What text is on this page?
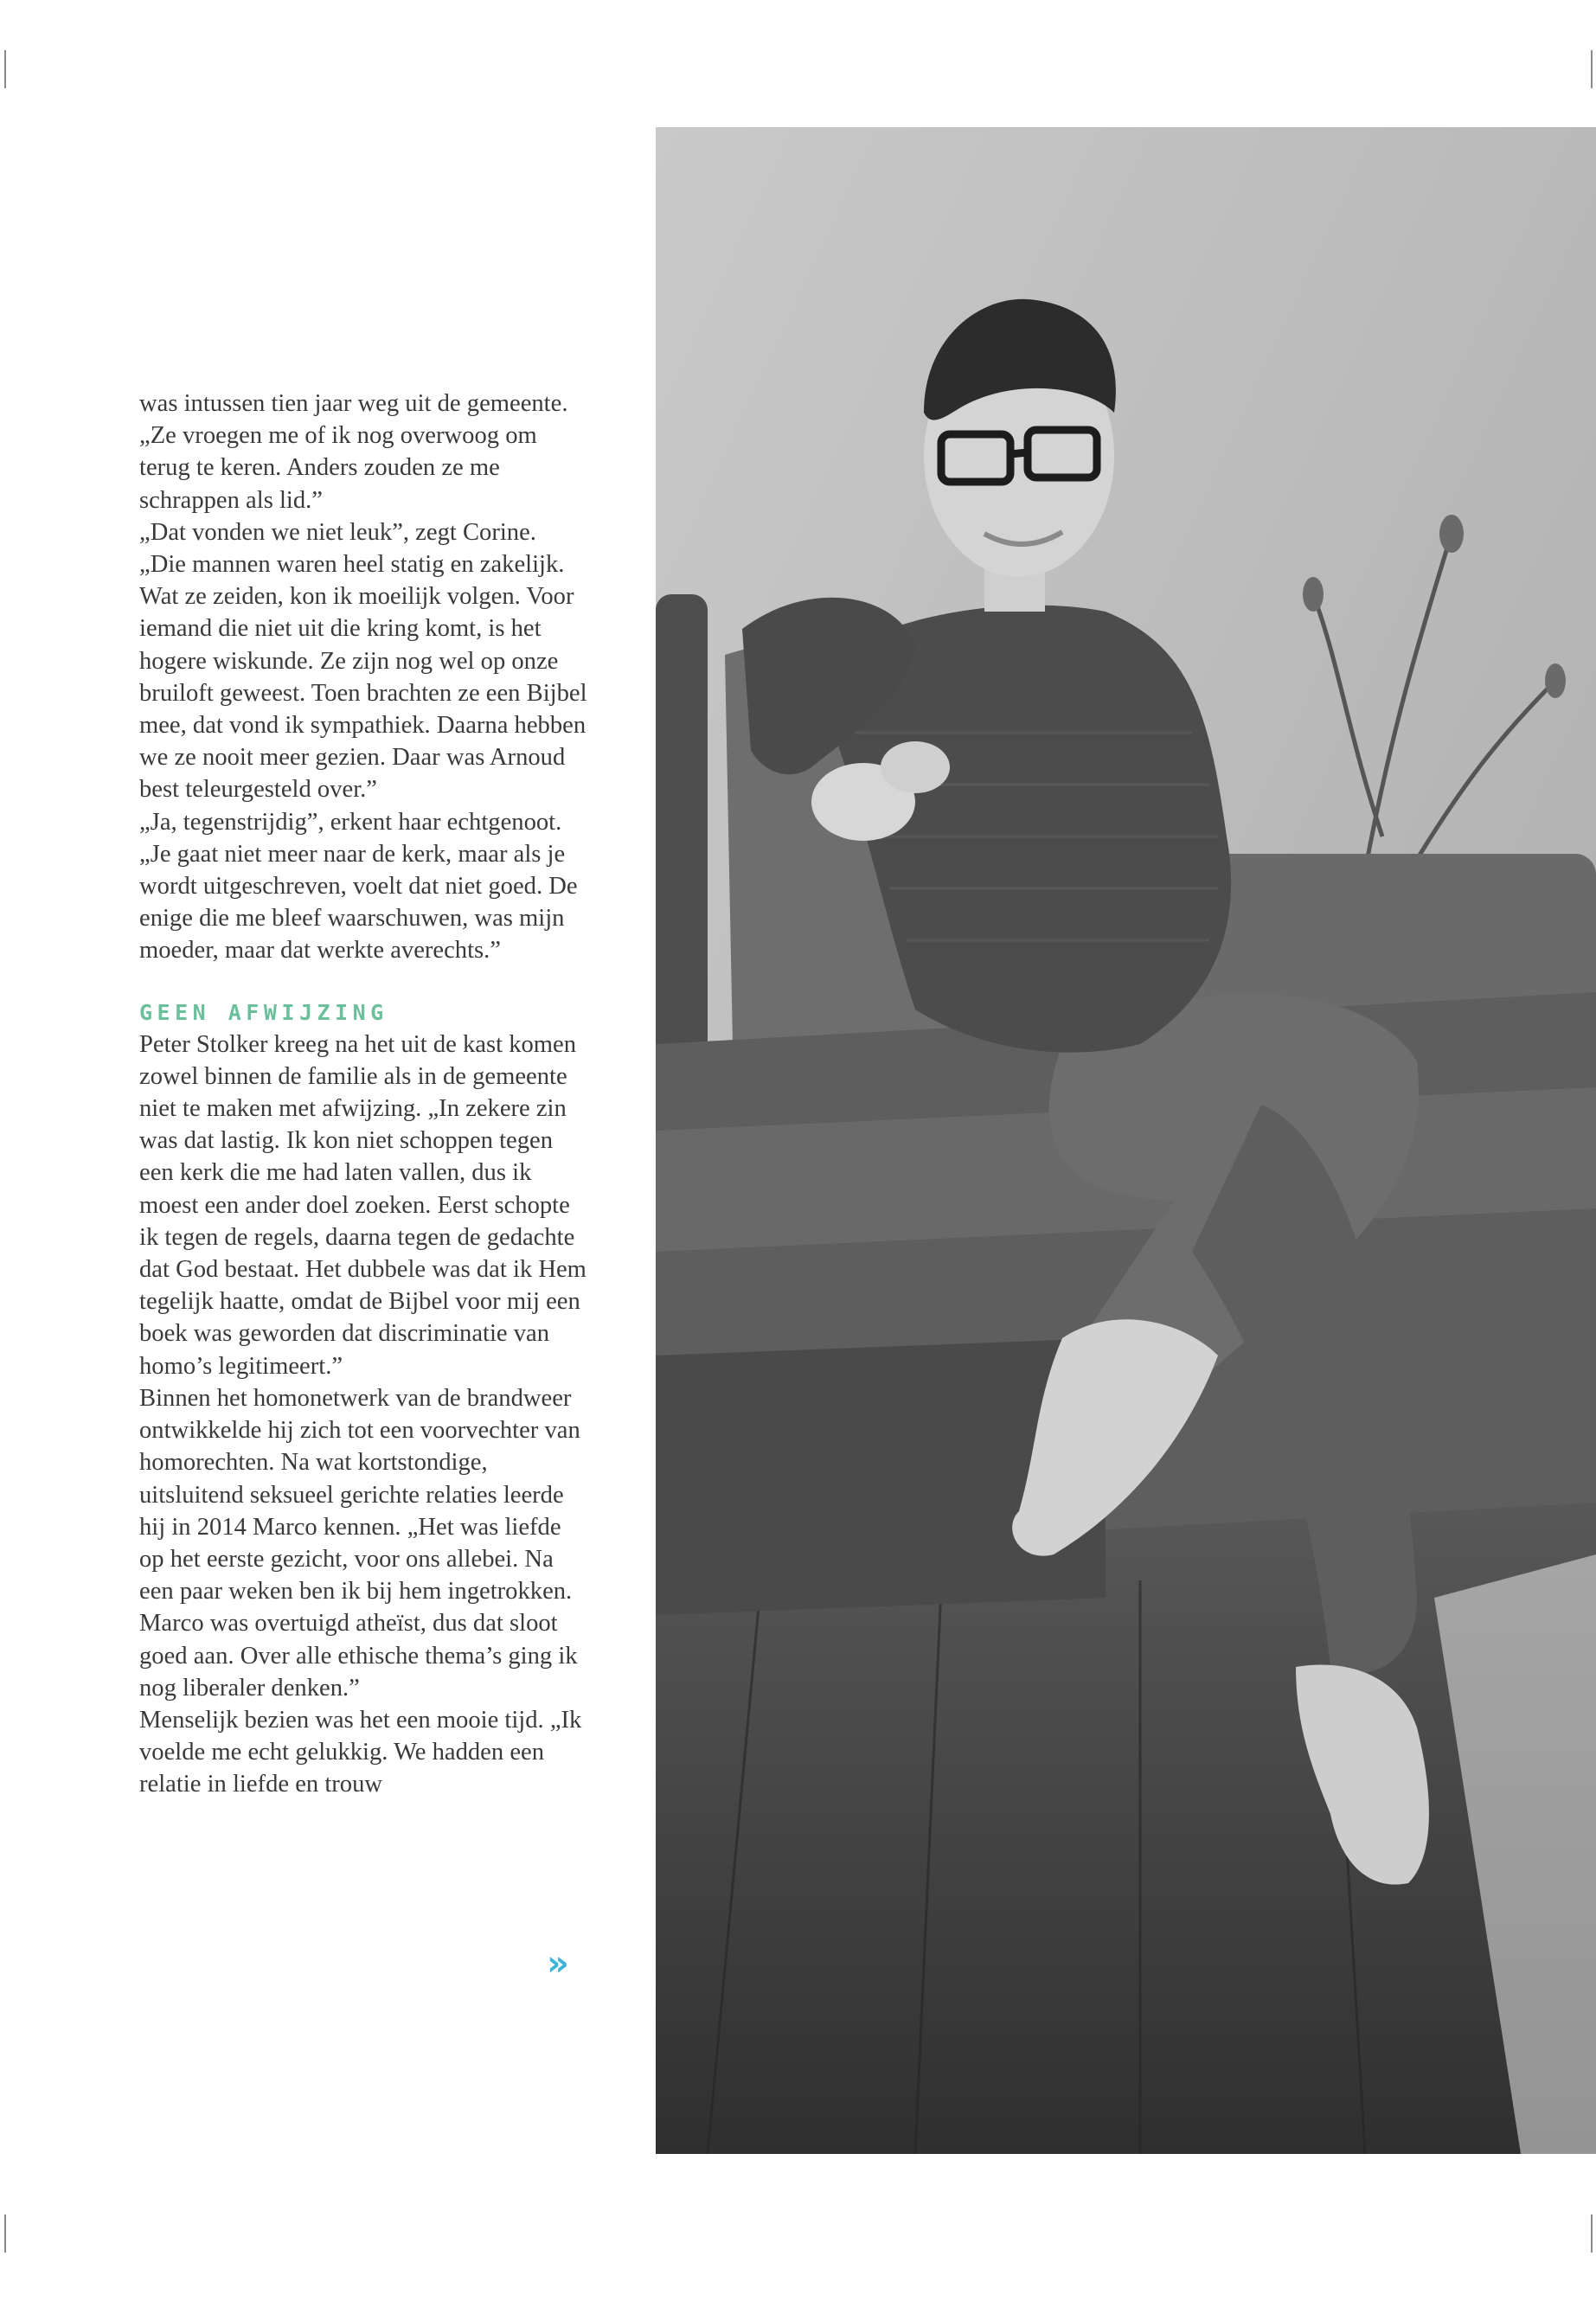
was intussen tien jaar weg uit de gemeente. „Ze vroegen me of ik nog overwoog om terug te keren. Anders zouden ze me schrappen als lid.”

„Dat vonden we niet leuk”, zegt Corine. „Die mannen waren heel statig en zakelijk. Wat ze zeiden, kon ik moeilijk volgen. Voor iemand die niet uit die kring komt, is het hogere wiskunde. Ze zijn nog wel op onze bruiloft geweest. Toen brachten ze een Bijbel mee, dat vond ik sympathiek. Daarna hebben we ze nooit meer gezien. Daar was Arnoud best teleurgesteld over.”

„Ja, tegenstrijdig”, erkent haar echtgenoot. „Je gaat niet meer naar de kerk, maar als je wordt uitgeschreven, voelt dat niet goed. De enige die me bleef waarschuwen, was mijn moeder, maar dat werkte averechts.”

GEEN AFWIJZING

Peter Stolker kreeg na het uit de kast komen zowel binnen de familie als in de gemeente niet te maken met afwijzing. „In zekere zin was dat lastig. Ik kon niet schoppen tegen een kerk die me had laten vallen, dus ik moest een ander doel zoeken. Eerst schopte ik tegen de regels, daarna tegen de gedachte dat God bestaat. Het dubbele was dat ik Hem tegelijk haatte, omdat de Bijbel voor mij een boek was geworden dat discriminatie van homo’s legitimeert.”

Binnen het homonetwerk van de brandweer ontwikkelde hij zich tot een voorvechter van homorechten. Na wat kortstondige, uitsluitend seksueel gerichte relaties leerde hij in 2014 Marco kennen. „Het was liefde op het eerste gezicht, voor ons allebei. Na een paar weken ben ik bij hem ingetrokken. Marco was overtuigd atheïst, dus dat sloot goed aan. Over alle ethische thema’s ging ik nog liberaler denken.”

Menselijk bezien was het een mooie tijd. „Ik voelde me echt gelukkig. We hadden een relatie in liefde en trouw

»
